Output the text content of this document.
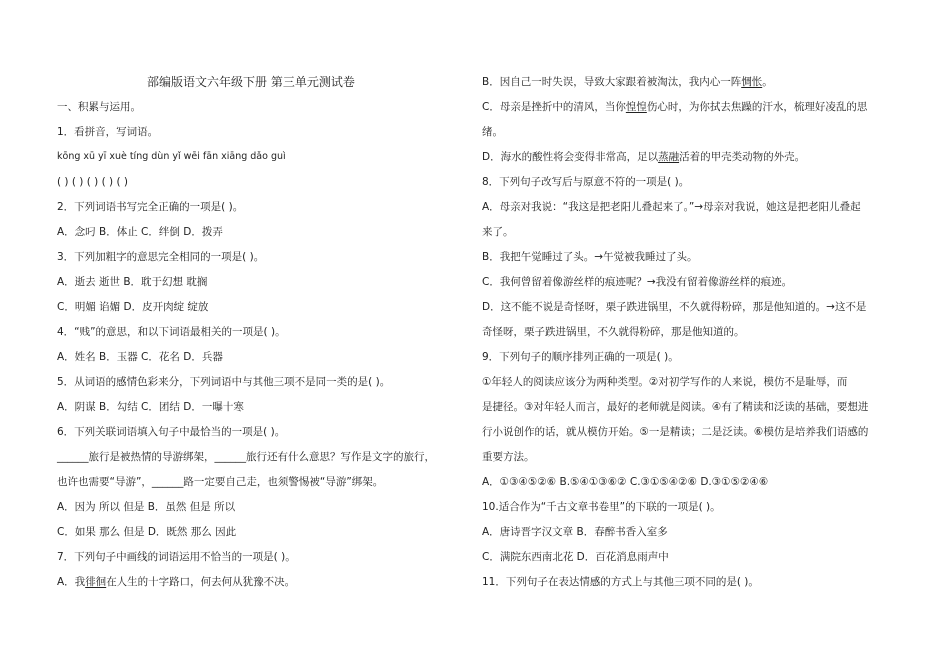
部编版语文六年级下册 第三单元测试卷
一、积累与运用。
1．看拼音，写词语。
kōng xū yī xuè tíng dùn yǐ wēi fān xiāng dǎo guì
( ) ( ) ( ) ( ) ( )
2．下列词语书写完全正确的一项是( )。
A．念叼 B．体止 C．绊倒 D．拨弄
3．下列加粗字的意思完全相同的一项是( )。
A．逝去 逝世 B．耽于幻想 耽搁
C．明媚 谄媚 D．皮开肉绽 绽放
4．“贱”的意思，和以下词语最相关的一项是( )。
A．姓名 B．玉器 C．花名 D．兵器
5．从词语的感情色彩来分，下列词语中与其他三项不是同一类的是( )。
A．阴谋 B．勾结 C．团结 D．一曝十寒
6．下列关联词语填入句子中最恰当的一项是( )。
______旅行是被热情的导游绑架，______旅行还有什么意思？写作是文字的旅行，
也许也需要“导游”，______路一定要自己走，也须警惕被“导游”绑架。
A．因为 所以 但是 B．虽然 但是 所以
C．如果 那么 但是 D．既然 那么 因此
7．下列句子中画线的词语运用不恰当的一项是( )。
A．我徘徊在人生的十字路口，何去何从犹豫不决。
B．因自己一时失误，导致大家跟着被淘汰，我内心一阵惆怅。
C．母亲是挫折中的清风，当你惶惶伤心时，为你拭去焦躁的汗水，梳理好凌乱的思
绪。
D．海水的酸性将会变得非常高，足以蒸融活着的甲壳类动物的外壳。
8．下列句子改写后与原意不符的一项是( )。
A．母亲对我说：“我这是把老阳儿叠起来了。”→母亲对我说，她这是把老阳儿叠起
来了。
B．我把午觉睡过了头。→午觉被我睡过了头。
C．我何曾留着像游丝样的痕迹呢？→我没有留着像游丝样的痕迹。
D．这不能不说是奇怪呀，栗子跌进锅里，不久就得粉碎，那是他知道的。→这不是
奇怪呀，栗子跌进锅里，不久就得粉碎，那是他知道的。
9．下列句子的顺序排列正确的一项是( )。
①年轻人的阅读应该分为两种类型。②对初学写作的人来说，模仿不是耻辱，而
是捷径。③对年轻人而言，最好的老师就是阅读。④有了精读和泛读的基础，要想进
行小说创作的话，就从模仿开始。⑤一是精读；二是泛读。⑥模仿是培养我们语感的
重要方法。
A．①③④⑤②⑥ B.⑤④①③⑥② C.③①⑤④②⑥ D.③①⑤②④⑥
10.适合作为“千古文章书卷里”的下联的一项是( )。
A．唐诗晋字汉文章 B．春醉书香入室多
C．满院东西南北花 D．百花消息雨声中
11．下列句子在表达情感的方式上与其他三项不同的是( )。
